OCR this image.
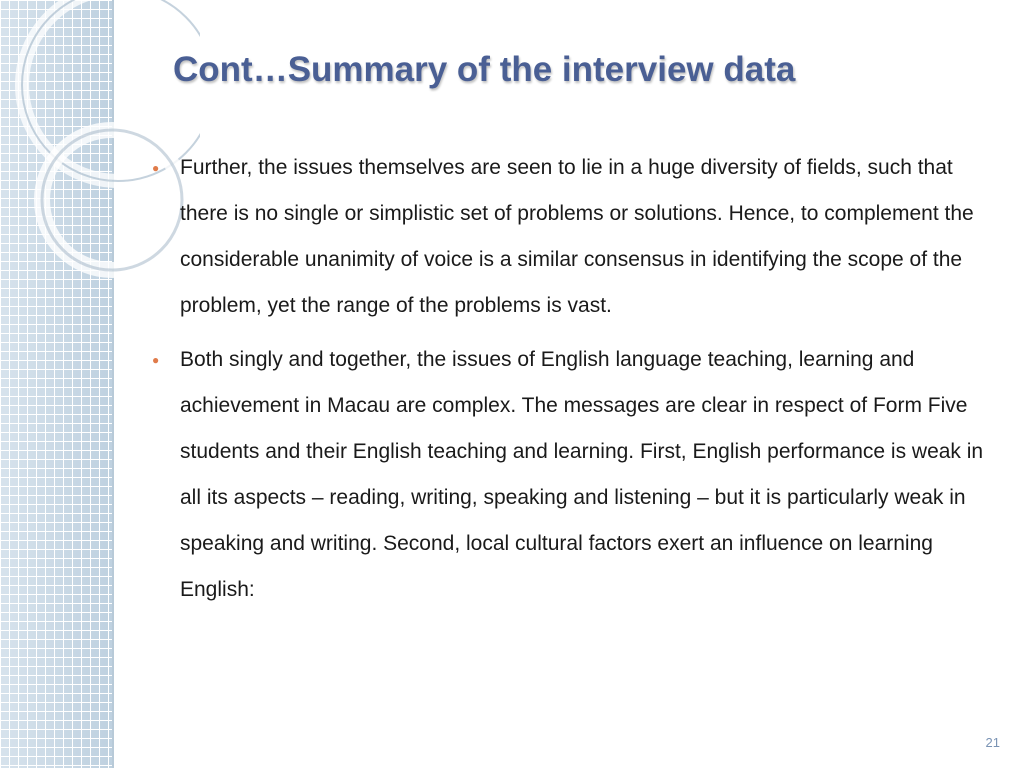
Cont…Summary of the interview data
● Further, the issues themselves are seen to lie in a huge diversity of fields, such that there is no single or simplistic set of problems or solutions. Hence, to complement the considerable unanimity of voice is a similar consensus in identifying the scope of the problem, yet the range of the problems is vast.
● Both singly and together, the issues of English language teaching, learning and achievement in Macau are complex. The messages are clear in respect of Form Five students and their English teaching and learning. First, English performance is weak in all its aspects – reading, writing, speaking and listening – but it is particularly weak in speaking and writing. Second, local cultural factors exert an influence on learning English:
21
